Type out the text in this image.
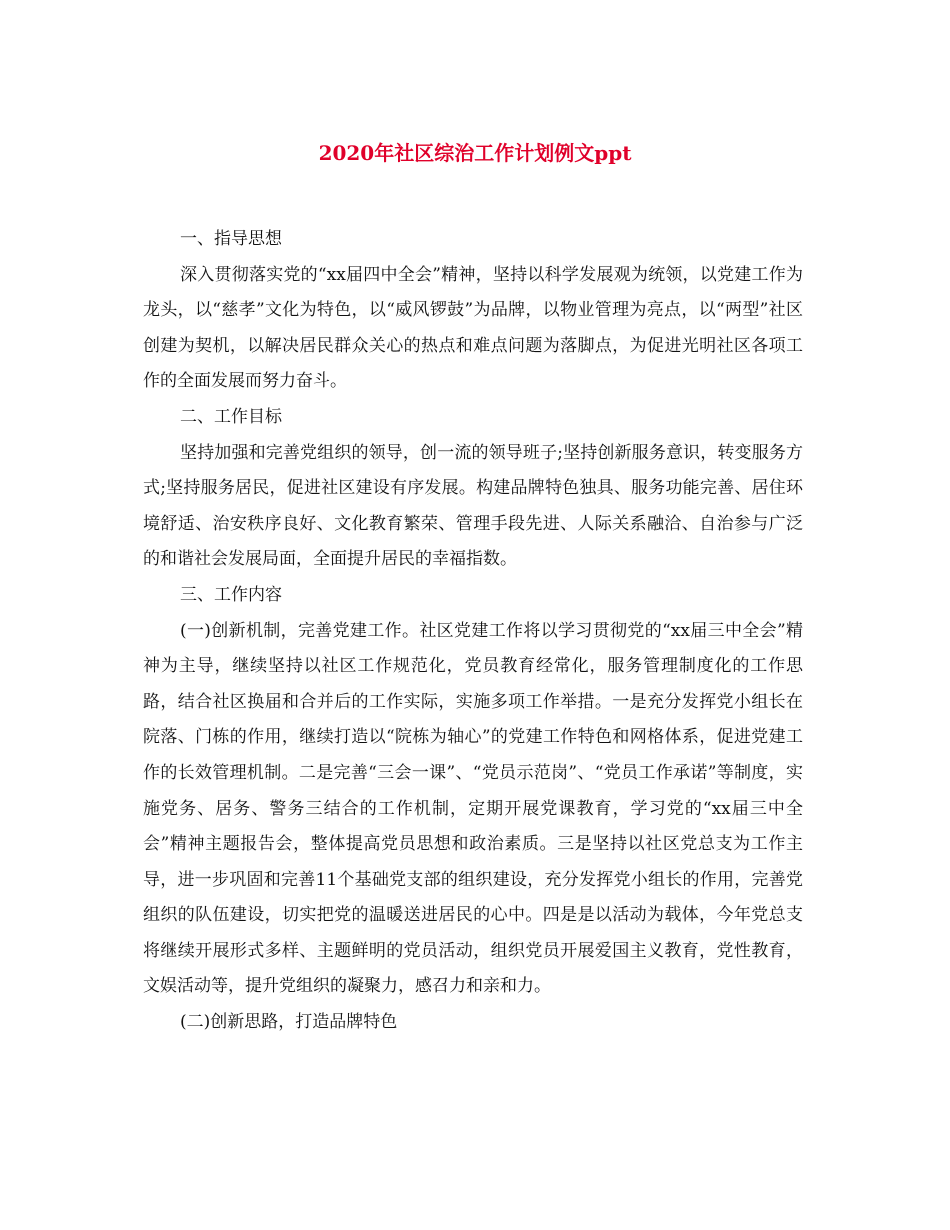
2020年社区综治工作计划例文ppt

一、指导思想

深入贯彻落实党的“xx届四中全会”精神，坚持以科学发展观为统领，以党建工作为龙头，以“慈孝”文化为特色，以“威风锣鼓”为品牌，以物业管理为亮点，以“两型”社区创建为契机，以解决居民群众关心的热点和难点问题为落脚点，为促进光明社区各项工作的全面发展而努力奋斗。

二、工作目标

坚持加强和完善党组织的领导，创一流的领导班子;坚持创新服务意识，转变服务方式;坚持服务居民，促进社区建设有序发展。构建品牌特色独具、服务功能完善、居住环境舒适、治安秩序良好、文化教育繁荣、管理手段先进、人际关系融洽、自治参与广泛的和谐社会发展局面，全面提升居民的幸福指数。

三、工作内容

(一)创新机制，完善党建工作。社区党建工作将以学习贯彻党的“xx届三中全会”精神为主导，继续坚持以社区工作规范化，党员教育经常化，服务管理制度化的工作思路，结合社区换届和合并后的工作实际，实施多项工作举措。一是充分发挥党小组长在院落、门栋的作用，继续打造以“院栋为轴心”的党建工作特色和网格体系，促进党建工作的长效管理机制。二是完善“三会一课”、“党员示范岗”、“党员工作承诺”等制度，实施党务、居务、警务三结合的工作机制，定期开展党课教育，学习党的“xx届三中全会”精神主题报告会，整体提高党员思想和政治素质。三是坚持以社区党总支为工作主导，进一步巩固和完善11个基础党支部的组织建设，充分发挥党小组长的作用，完善党组织的队伍建设，切实把党的温暖送进居民的心中。四是是以活动为载体，今年党总支将继续开展形式多样、主题鲜明的党员活动，组织党员开展爱国主义教育，党性教育，文娱活动等，提升党组织的凝聚力，感召力和亲和力。

(二)创新思路，打造品牌特色
